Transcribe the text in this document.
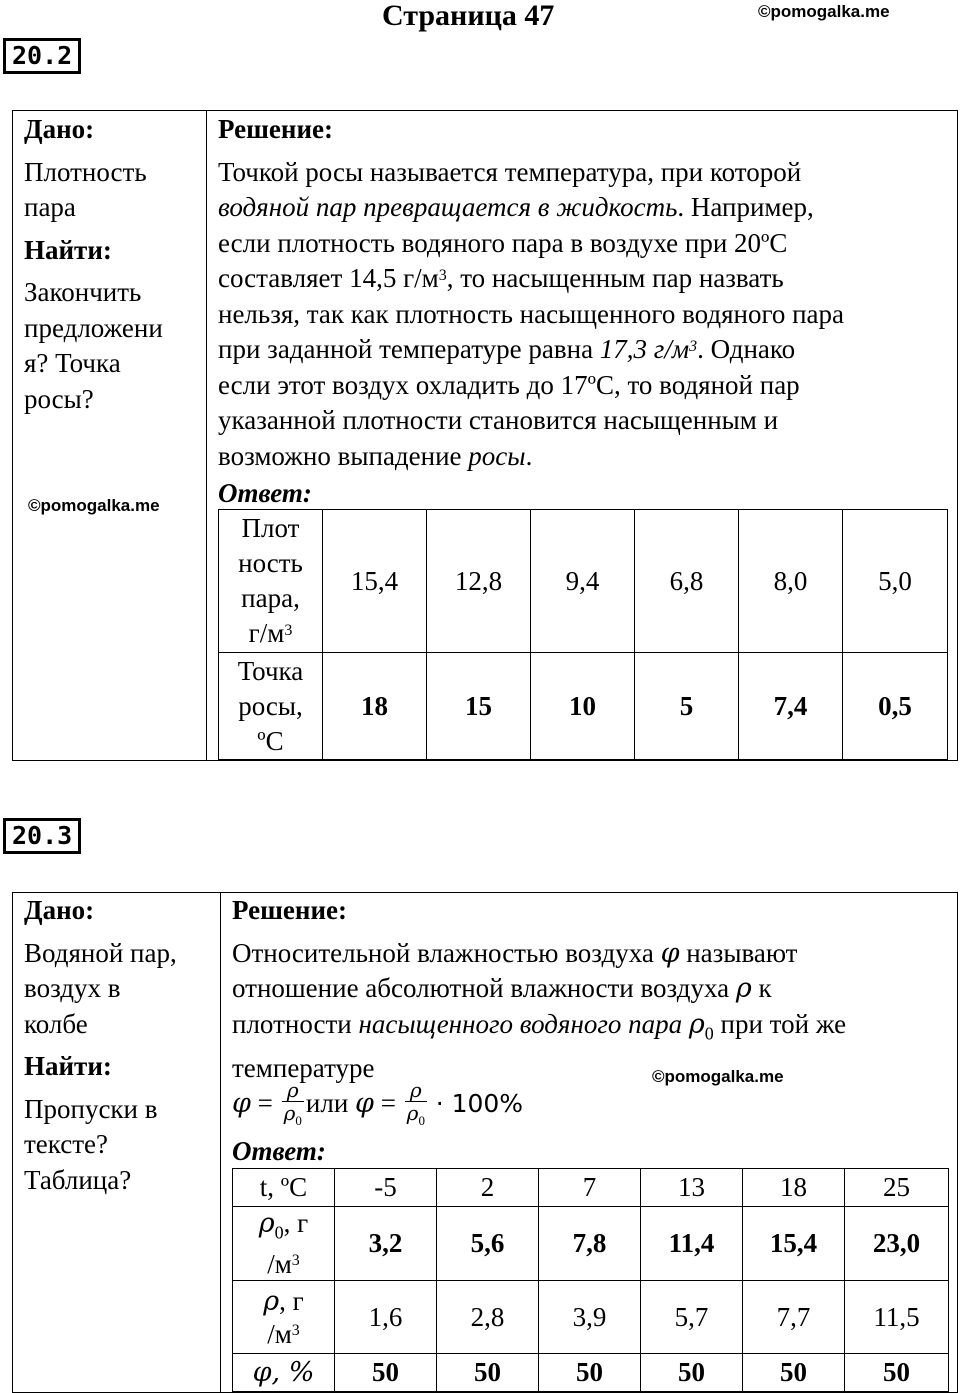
Страница 47	©pomogalka.me
20.2
Дано:
Плотность
пара
Найти:
Закончить
предложени
я? Точка
росы?
©pomogalka.me
Решение:
Точкой росы называется температура, при которой
водяной пар превращается в жидкость. Например,
если плотность водяного пара в воздухе при 20ºС
составляет 14,5 $г/м^3$, то насыщенным пар назвать
нельзя, так как плотность насыщенного водяного пара
при заданной температуре равна 17,3 $г/м^3$. Однако
если этот воздух охладить до 17ºС, то водяной пар
указанной плотности становится насыщенным и
возможно выпадение росы.
Ответ:
Плот
ность
пара,
$г/м^3$	15,4	12,8	9,4	6,8	8,0	5,0

Точка
росы,
ºС	18	15	10	5	7,4	0,5
20.3
Дано:
Водяной пар,
воздух в
колбе
Найти:
Пропуски в
тексте?
Таблица?
Решение:
Относительной влажностью воздуха φ называют
отношение абсолютной влажности воздуха ρ к
плотности насыщенного водяного пара $\rho_0$ при той же
температуре
$\varphi = \frac{\rho}{\rho_0}$ или $\varphi = \frac{\rho}{\rho_0} \cdot 100\%$
©pomogalka.me
Ответ:
t, ºС	-5	2	7	13	18	25

$\rho_0$, г
$/м^3$	3,2	5,6	7,8	11,4	15,4	23,0

ρ, г
$/м^3$	1,6	2,8	3,9	5,7	7,7	11,5
φ, %	50	50	50	50	50	50
